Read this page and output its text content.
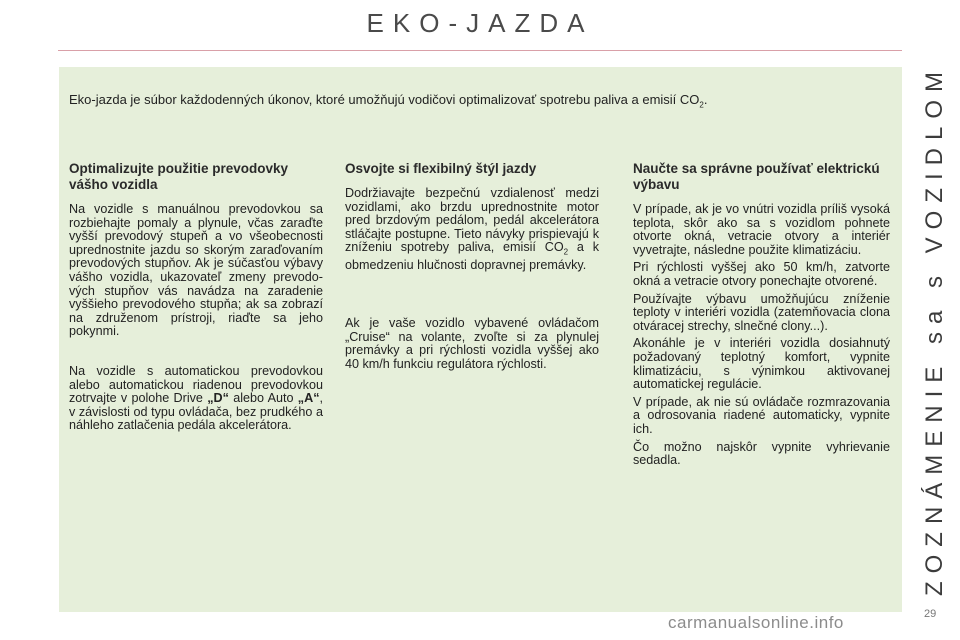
EKO-JAZDA
Eko-jazda je súbor každodenných úkonov, ktoré umožňujú vodičovi optimalizovať spotrebu paliva a emisií $CO_2$.
Optimalizujte použitie prevodovky vášho vozidla

Na vozidle s manuálnou prevodovkou sa rozbiehajte pomaly a plynule, včas zaraďte vyšší prevodový stupeň a vo všeobecnosti uprednostnite jazdu so skorým zaraďovaním prevodových stupňov. Ak je súčasťou výbavy vášho vozidla, ukazovateľ zmeny prevodových stupňov vás navádza na zaradenie vyššieho prevodového stupňa; ak sa zobrazí na združenom prístroji, riaďte sa jeho pokynmi.

Na vozidle s automatickou prevodovkou alebo automatickou riadenou prevodovkou zotrvajte v polohe Drive „D“ alebo Auto „A“, v závislosti od typu ovládača, bez prudkého a náhleho zatlačenia pedála akcelerátora.

Osvojte si flexibilný štýl jazdy

Dodržiavajte bezpečnú vzdialenosť medzi vozidlami, ako brzdu uprednostnite motor pred brzdovým pedálom, pedál akcelerátora stláčajte postupne. Tieto návyky prispievajú k zníženiu spotreby paliva, emisií $CO_2$ a k obmedzeniu hlučnosti dopravnej premávky.

Ak je vaše vozidlo vybavené ovládačom „Cruise“ na volante, zvoľte si za plynulej premávky a pri rýchlosti vozidla vyššej ako 40 km/h funkciu regulátora rýchlosti.

Naučte sa správne používať elektrickú výbavu

V prípade, ak je vo vnútri vozidla príliš vysoká teplota, skôr ako sa s vozidlom pohnete otvorte okná, vetracie otvory a interiér vyvetrajte, následne použite klimatizáciu.

Pri rýchlosti vyššej ako 50 km/h, zatvorte okná a vetracie otvory ponechajte otvorené.

Používajte výbavu umožňujúcu zníženie teploty v interiéri vozidla (zatemňovacia clona otváracej strechy, slnečné clony...).

Akonáhle je v interiéri vozidla dosiahnutý požadovaný teplotný komfort, vypnite klimatizáciu, s výnimkou aktivovanej automatickej regulácie.

V prípade, ak nie sú ovládače rozmrazovania a odrosovania riadené automaticky, vypnite ich.

Čo možno najskôr vypnite vyhrievanie sedadla.	ZOZNÁMENIE sa s VOZIDLOM
29
carmanualsonline.info
